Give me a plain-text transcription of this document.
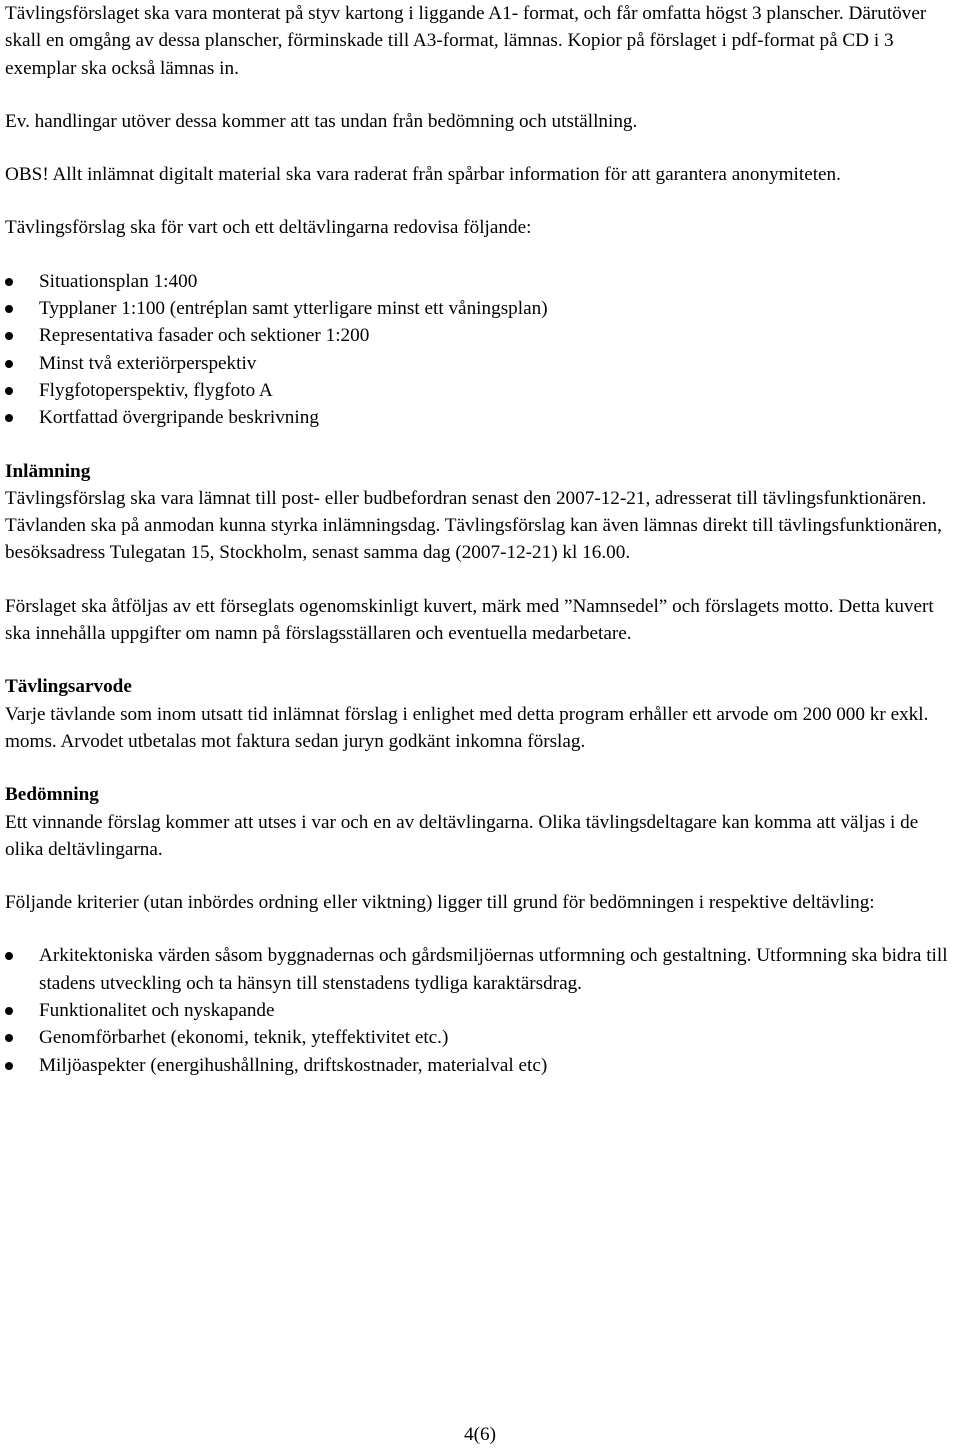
Tävlingsförslaget ska vara monterat på styv kartong i liggande A1- format, och får omfatta högst 3 planscher. Därutöver skall en omgång av dessa planscher, förminskade till A3-format, lämnas. Kopior på förslaget i pdf-format på CD i 3 exemplar ska också lämnas in.

Ev. handlingar utöver dessa kommer att tas undan från bedömning och utställning.

OBS! Allt inlämnat digitalt material ska vara raderat från spårbar information för att garantera anonymiteten.

Tävlingsförslag ska för vart och ett deltävlingarna redovisa följande:

Situationsplan 1:400
Typplaner 1:100 (entréplan samt ytterligare minst ett våningsplan)
Representativa fasader och sektioner 1:200
Minst två exteriörperspektiv
Flygfotoperspektiv, flygfoto A
Kortfattad övergripande beskrivning

Inlämning

Tävlingsförslag ska vara lämnat till post- eller budbefordran senast den 2007-12-21, adresserat till tävlingsfunktionären. Tävlanden ska på anmodan kunna styrka inlämningsdag. Tävlingsförslag kan även lämnas direkt till tävlingsfunktionären, besöksadress Tulegatan 15, Stockholm, senast samma dag (2007-12-21) kl 16.00.

Förslaget ska åtföljas av ett förseglats ogenomskinligt kuvert, märk med ”Namnsedel” och förslagets motto. Detta kuvert ska innehålla uppgifter om namn på förslagsställaren och eventuella medarbetare.

Tävlingsarvode

Varje tävlande som inom utsatt tid inlämnat förslag i enlighet med detta program erhåller ett arvode om 200 000 kr exkl. moms. Arvodet utbetalas mot faktura sedan juryn godkänt inkomna förslag.

Bedömning

Ett vinnande förslag kommer att utses i var och en av deltävlingarna. Olika tävlingsdeltagare kan komma att väljas i de olika deltävlingarna.

Följande kriterier (utan inbördes ordning eller viktning) ligger till grund för bedömningen i respektive deltävling:

Arkitektoniska värden såsom byggnadernas och gårdsmiljöernas utformning och gestaltning. Utformning ska bidra till stadens utveckling och ta hänsyn till stenstadens tydliga karaktärsdrag.
Funktionalitet och nyskapande
Genomförbarhet (ekonomi, teknik, yteffektivitet etc.)
Miljöaspekter (energihushållning, driftskostnader, materialval etc)
4(6)
